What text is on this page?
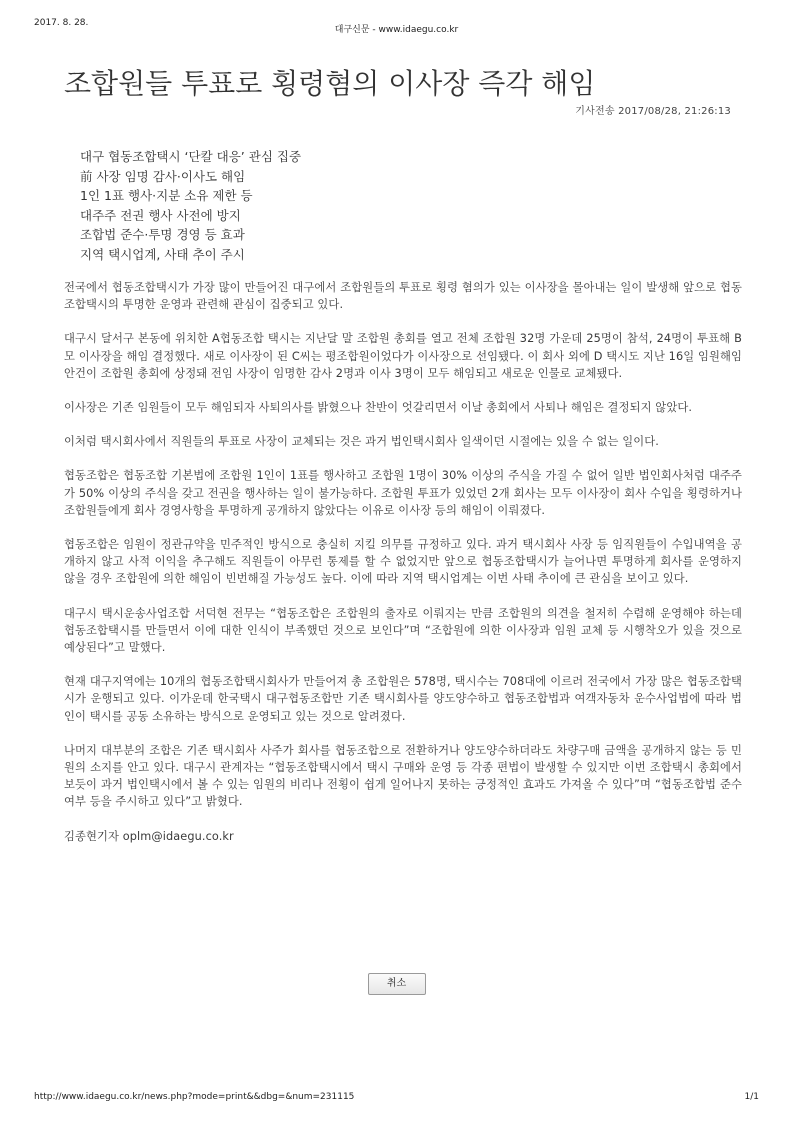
2017. 8. 28.
대구신문 - www.idaegu.co.kr
조합원들 투표로 횡령혐의 이사장 즉각 해임
기사전송 2017/08/28, 21:26:13
대구 협동조합택시 ‘단칼 대응’ 관심 집중
前 사장 임명 감사·이사도 해임
1인 1표 행사·지분 소유 제한 등
대주주 전권 행사 사전에 방지
조합법 준수·투명 경영 등 효과
지역 택시업계, 사태 추이 주시

전국에서 협동조합택시가 가장 많이 만들어진 대구에서 조합원들의 투표로 횡령 혐의가 있는 이사장을 몰아내는 일이 발생해 앞으로 협동조합택시의 투명한 운영과 관련해 관심이 집중되고 있다.

대구시 달서구 본동에 위치한 A협동조합 택시는 지난달 말 조합원 총회를 열고 전체 조합원 32명 가운데 25명이 참석, 24명이 투표해 B모 이사장을 해임 결정했다. 새로 이사장이 된 C씨는 평조합원이었다가 이사장으로 선임됐다. 이 회사 외에 D 택시도 지난 16일 임원해임 안건이 조합원 총회에 상정돼 전임 사장이 임명한 감사 2명과 이사 3명이 모두 해임되고 새로운 인물로 교체됐다.

이사장은 기존 임원들이 모두 해임되자 사퇴의사를 밝혔으나 찬반이 엇갈리면서 이날 총회에서 사퇴나 해임은 결정되지 않았다.

이처럼 택시회사에서 직원들의 투표로 사장이 교체되는 것은 과거 법인택시회사 일색이던 시절에는 있을 수 없는 일이다.

협동조합은 협동조합 기본법에 조합원 1인이 1표를 행사하고 조합원 1명이 30% 이상의 주식을 가질 수 없어 일반 법인회사처럼 대주주가 50% 이상의 주식을 갖고 전권을 행사하는 일이 불가능하다. 조합원 투표가 있었던 2개 회사는 모두 이사장이 회사 수입을 횡령하거나 조합원들에게 회사 경영사항을 투명하게 공개하지 않았다는 이유로 이사장 등의 해임이 이뤄졌다.

협동조합은 임원이 정관규약을 민주적인 방식으로 충실히 지킬 의무를 규정하고 있다. 과거 택시회사 사장 등 임직원들이 수입내역을 공개하지 않고 사적 이익을 추구해도 직원들이 아무런 통제를 할 수 없었지만 앞으로 협동조합택시가 늘어나면 투명하게 회사를 운영하지 않을 경우 조합원에 의한 해임이 빈번해질 가능성도 높다. 이에 따라 지역 택시업계는 이번 사태 추이에 큰 관심을 보이고 있다.

대구시 택시운송사업조합 서덕현 전무는 “협동조합은 조합원의 출자로 이뤄지는 만큼 조합원의 의견을 철저히 수렴해 운영해야 하는데 협동조합택시를 만들면서 이에 대한 인식이 부족했던 것으로 보인다”며 “조합원에 의한 이사장과 임원 교체 등 시행착오가 있을 것으로 예상된다”고 말했다.

현재 대구지역에는 10개의 협동조합택시회사가 만들어져 총 조합원은 578명, 택시수는 708대에 이르러 전국에서 가장 많은 협동조합택시가 운행되고 있다. 이가운데 한국택시 대구협동조합만 기존 택시회사를 양도양수하고 협동조합법과 여객자동차 운수사업법에 따라 법인이 택시를 공동 소유하는 방식으로 운영되고 있는 것으로 알려졌다.

나머지 대부분의 조합은 기존 택시회사 사주가 회사를 협동조합으로 전환하거나 양도양수하더라도 차량구매 금액을 공개하지 않는 등 민원의 소지를 안고 있다. 대구시 관계자는 “협동조합택시에서 택시 구매와 운영 등 각종 편법이 발생할 수 있지만 이번 조합택시 총회에서 보듯이 과거 법인택시에서 볼 수 있는 임원의 비리나 전횡이 쉽게 일어나지 못하는 긍정적인 효과도 가져올 수 있다”며 “협동조합법 준수 여부 등을 주시하고 있다”고 밝혔다.

김종현기자 oplm@idaegu.co.kr

취소
http://www.idaegu.co.kr/news.php?mode=print&&dbg=&num=231115	1/1
